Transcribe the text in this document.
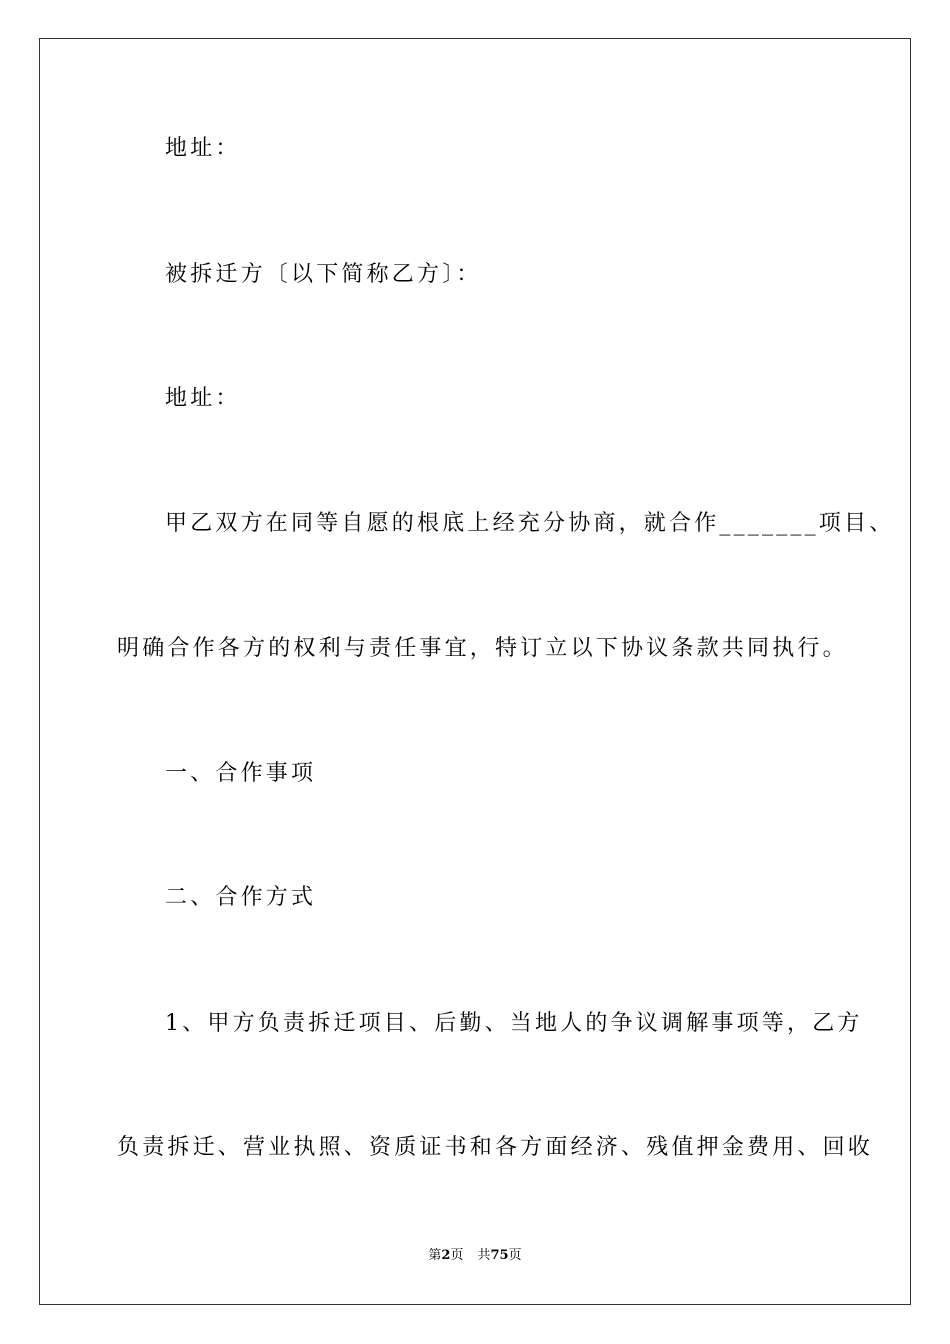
地址：
被拆迁方〔以下简称乙方〕：
地址：
甲乙双方在同等自愿的根底上经充分协商，就合作_______项目、
明确合作各方的权利与责任事宜，特订立以下协议条款共同执行。
一、合作事项
二、合作方式
1、甲方负责拆迁项目、后勤、当地人的争议调解事项等，乙方
负责拆迁、营业执照、资质证书和各方面经济、残值押金费用、回收
第2页 共75页
